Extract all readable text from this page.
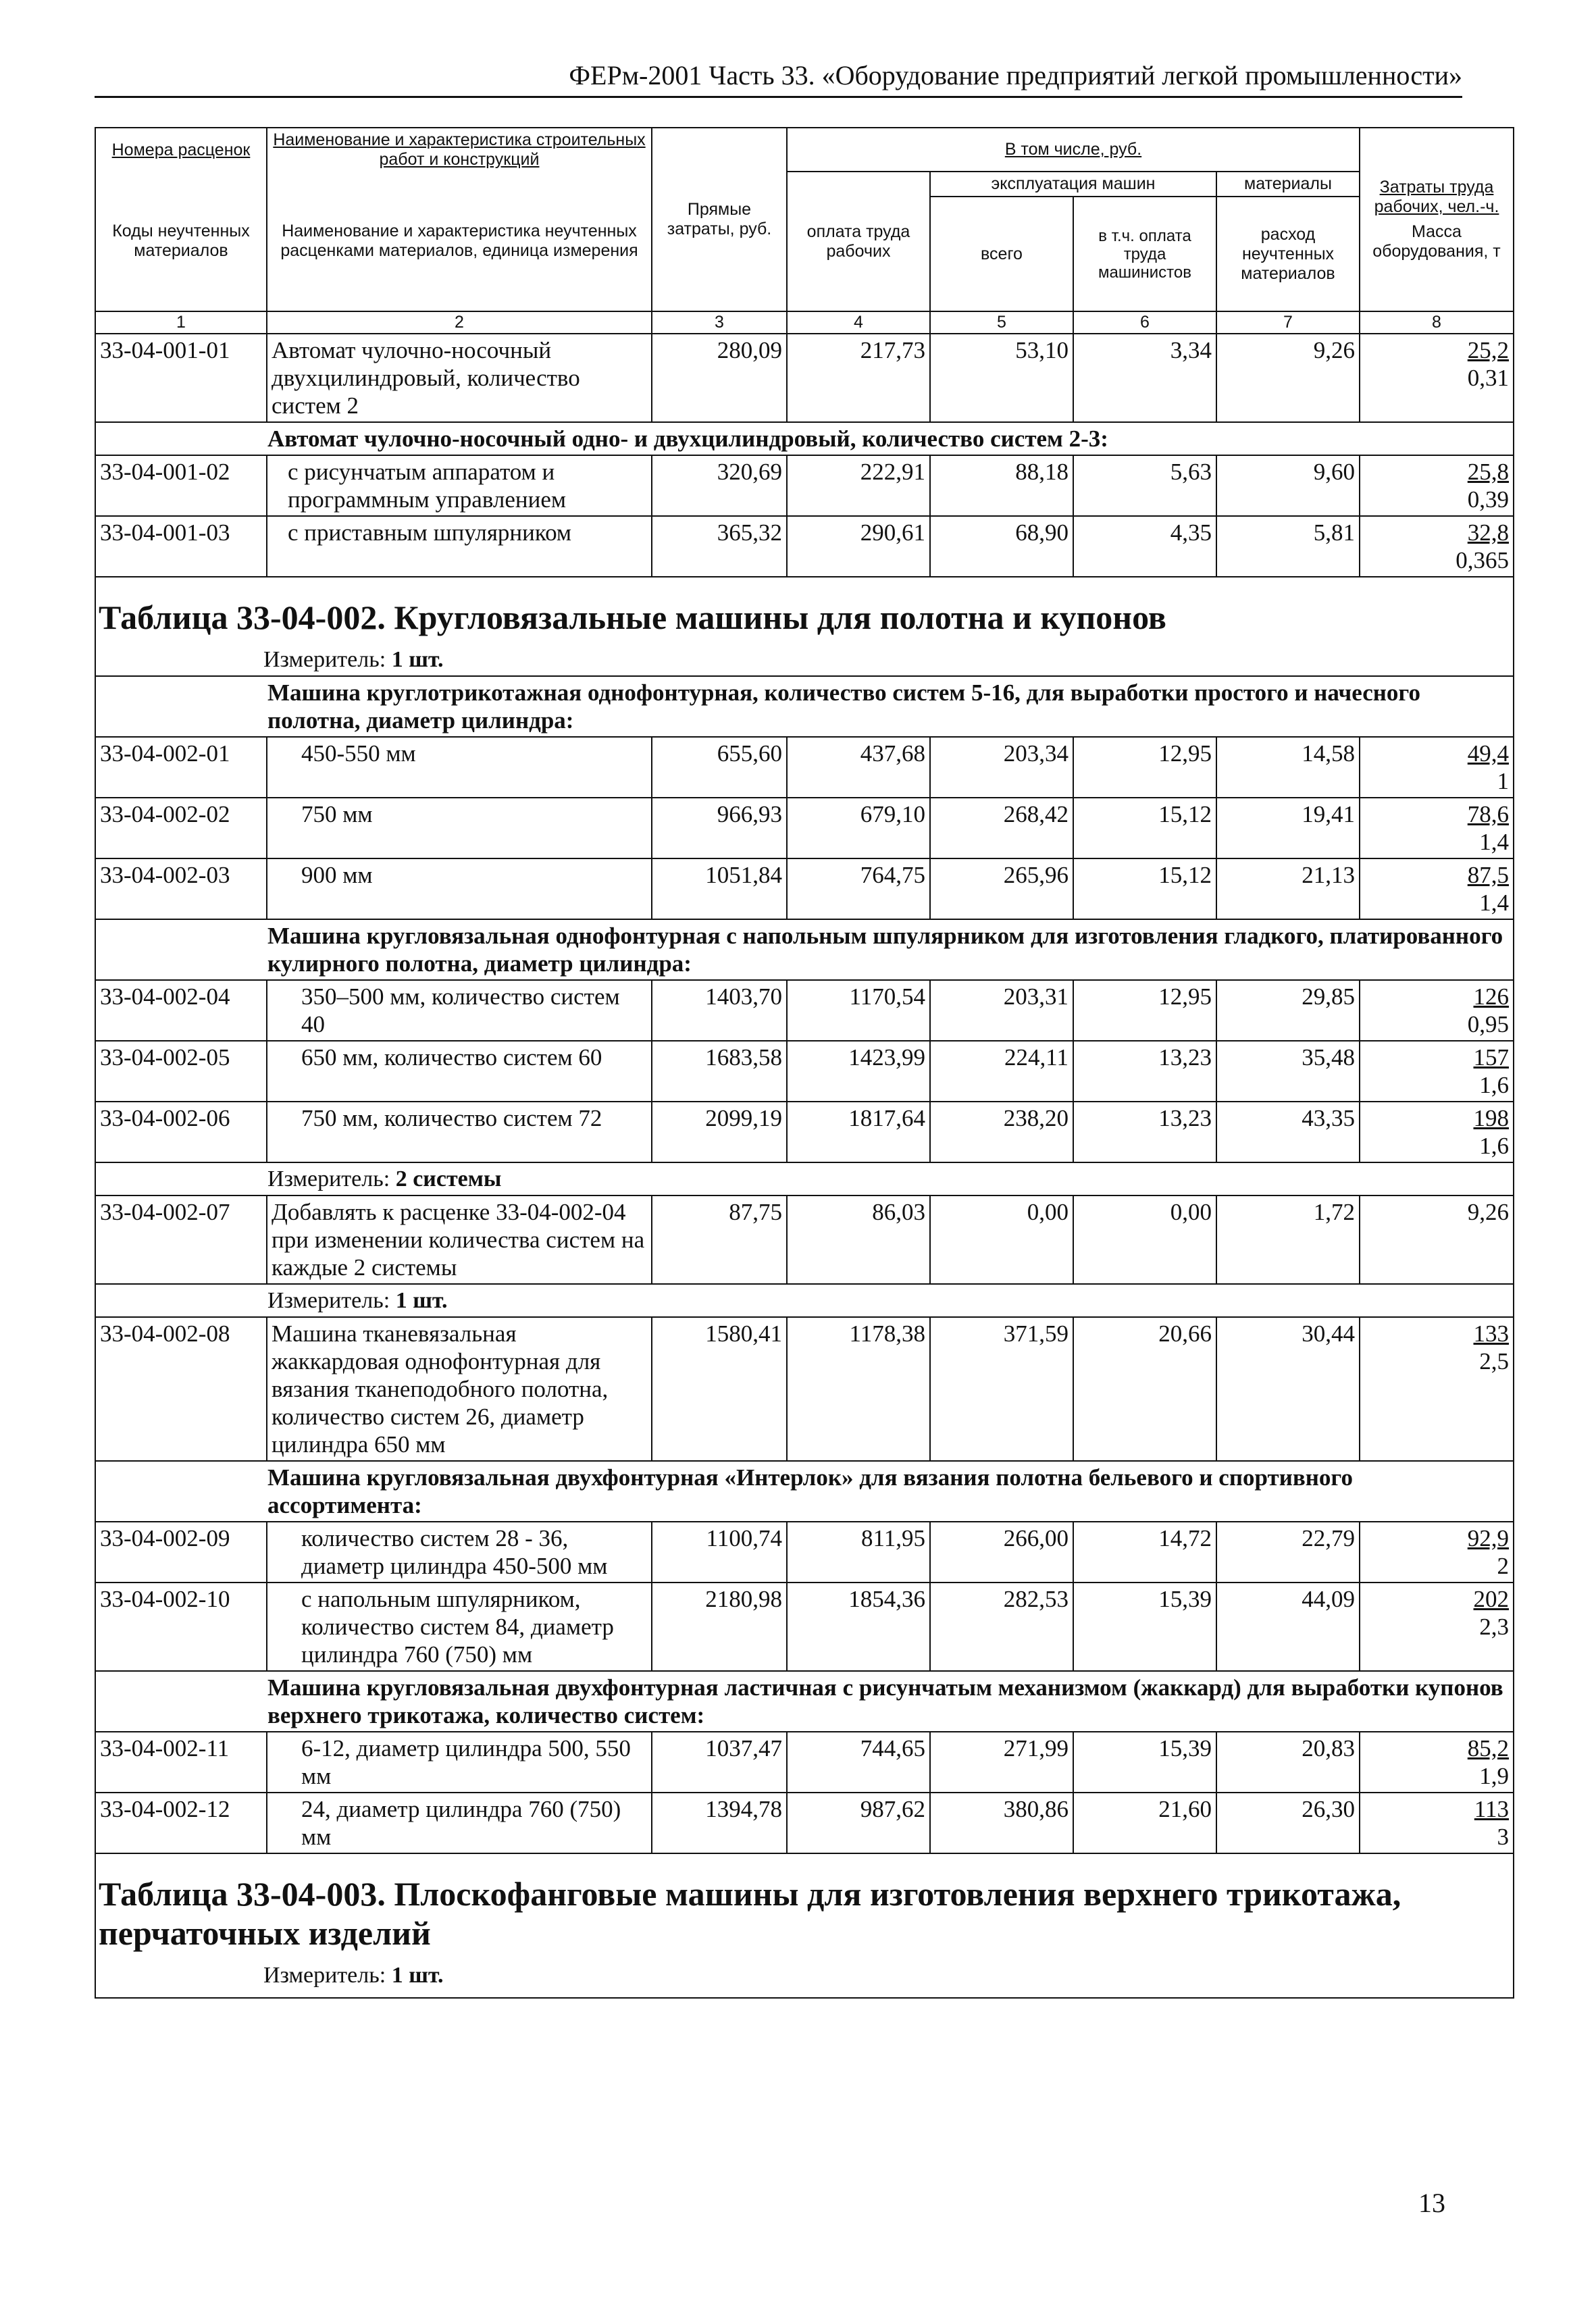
ФЕРм-2001 Часть 33. «Оборудование предприятий легкой промышленности»
Номера расценок	Наименование и характеристика строительных работ и конструкций	Прямые затраты, руб.	В том числе, руб.				Затраты труда рабочих, чел.-ч.
Масса оборудования, т

Коды неучтенных материалов	Наименование и характеристика неучтенных расценками материалов, единица измерения		оплата труда рабочих	эксплуатация машин		материалы	
				всего	в т.ч. оплата труда машинистов	расход неучтенных материалов	
1	2	3	4	5	6	7	8
33-04-001-01	Автомат чулочно-носочный двухцилиндровый, количество систем 2	280,09	217,73	53,10	3,34	9,26	25,2
0,31

Автомат чулочно-носочный одно- и двухцилиндровый, количество систем 2-3:							
33-04-001-02	с рисунчатым аппаратом и программным управлением	320,69	222,91	88,18	5,63	9,60	25,8
0,39

33-04-001-03	с приставным шпулярником	365,32	290,61	68,90	4,35	5,81	32,8
0,365

Таблица 33-04-002. Кругловязальные машины для полотна и купонов							
Измеритель: 1 шт.							
Машина круглотрикотажная однофонтурная, количество систем 5-16, для выработки простого и начесного полотна, диаметр цилиндра:							
33-04-002-01	450-550 мм	655,60	437,68	203,34	12,95	14,58	49,4
1

33-04-002-02	750 мм	966,93	679,10	268,42	15,12	19,41	78,6
1,4

33-04-002-03	900 мм	1051,84	764,75	265,96	15,12	21,13	87,5
1,4

Машина кругловязальная однофонтурная с напольным шпулярником для изготовления гладкого, платированного кулирного полотна, диаметр цилиндра:							
33-04-002-04	350–500 мм, количество систем 40	1403,70	1170,54	203,31	12,95	29,85	126
0,95

33-04-002-05	650 мм, количество систем 60	1683,58	1423,99	224,11	13,23	35,48	157
1,6

33-04-002-06	750 мм, количество систем 72	2099,19	1817,64	238,20	13,23	43,35	198
1,6

Измеритель: 2 системы							
33-04-002-07	Добавлять к расценке 33-04-002-04 при изменении количества систем на каждые 2 системы	87,75	86,03	0,00	0,00	1,72	9,26
Измеритель: 1 шт.							
33-04-002-08	Машина тканевязальная жаккардовая однофонтурная для вязания тканеподобного полотна, количество систем 26, диаметр цилиндра 650 мм	1580,41	1178,38	371,59	20,66	30,44	133
2,5

Машина кругловязальная двухфонтурная «Интерлок» для вязания полотна бельевого и спортивного ассортимента:							
33-04-002-09	количество систем 28 - 36, диаметр цилиндра 450-500 мм	1100,74	811,95	266,00	14,72	22,79	92,9
2

33-04-002-10	с напольным шпулярником, количество систем 84, диаметр цилиндра 760 (750) мм	2180,98	1854,36	282,53	15,39	44,09	202
2,3

Машина кругловязальная двухфонтурная ластичная с рисунчатым механизмом (жаккард) для выработки купонов верхнего трикотажа, количество систем:							
33-04-002-11	6-12, диаметр цилиндра 500, 550 мм	1037,47	744,65	271,99	15,39	20,83	85,2
1,9

33-04-002-12	24, диаметр цилиндра 760 (750) мм	1394,78	987,62	380,86	21,60	26,30	113
3

Таблица 33-04-003. Плоскофанговые машины для изготовления верхнего трикотажа, перчаточных изделий							
Измеритель: 1 шт.							
13
